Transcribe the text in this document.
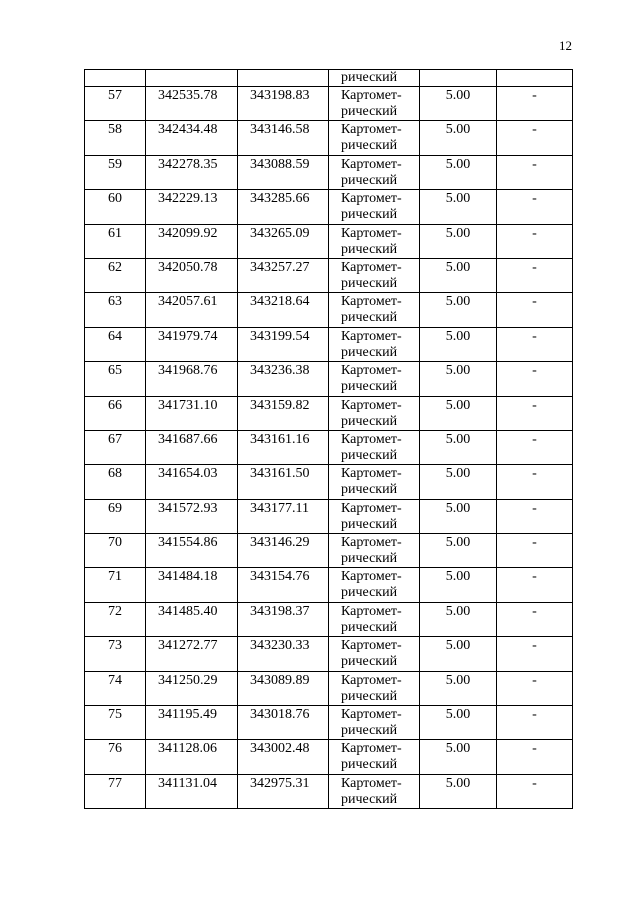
12
			рический		

57	342535.78	343198.83	Картомет-
рический	5.00	-

58	342434.48	343146.58	Картомет-
рический	5.00	-

59	342278.35	343088.59	Картомет-
рический	5.00	-

60	342229.13	343285.66	Картомет-
рический	5.00	-

61	342099.92	343265.09	Картомет-
рический	5.00	-

62	342050.78	343257.27	Картомет-
рический	5.00	-

63	342057.61	343218.64	Картомет-
рический	5.00	-

64	341979.74	343199.54	Картомет-
рический	5.00	-

65	341968.76	343236.38	Картомет-
рический	5.00	-

66	341731.10	343159.82	Картомет-
рический	5.00	-

67	341687.66	343161.16	Картомет-
рический	5.00	-

68	341654.03	343161.50	Картомет-
рический	5.00	-

69	341572.93	343177.11	Картомет-
рический	5.00	-

70	341554.86	343146.29	Картомет-
рический	5.00	-

71	341484.18	343154.76	Картомет-
рический	5.00	-

72	341485.40	343198.37	Картомет-
рический	5.00	-

73	341272.77	343230.33	Картомет-
рический	5.00	-

74	341250.29	343089.89	Картомет-
рический	5.00	-

75	341195.49	343018.76	Картомет-
рический	5.00	-

76	341128.06	343002.48	Картомет-
рический	5.00	-

77	341131.04	342975.31	Картомет-
рический	5.00	-
